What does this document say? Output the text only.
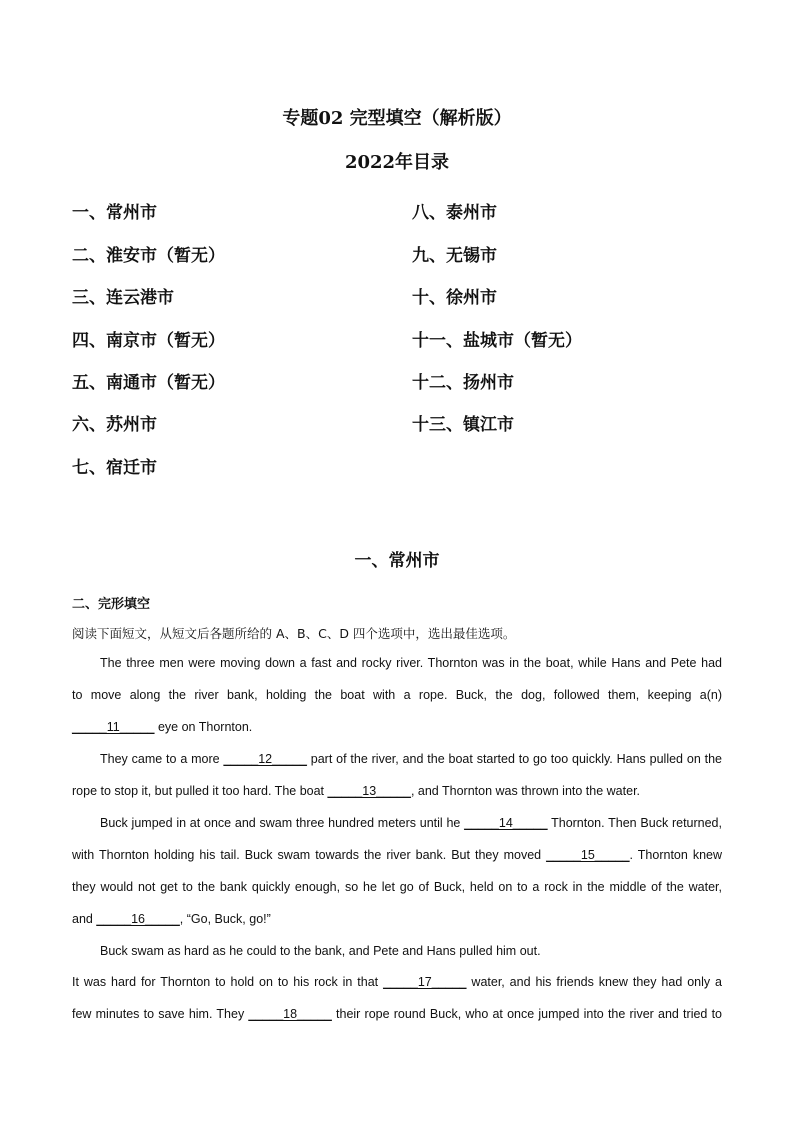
专题02 完型填空（解析版）
2022年目录
一、常州市
二、淮安市（暂无）
三、连云港市
四、南京市（暂无）
五、南通市（暂无）
六、苏州市
七、宿迁市
八、泰州市
九、无锡市
十、徐州市
十一、盐城市（暂无）
十二、扬州市
十三、镇江市
一、常州市
二、完形填空
阅读下面短文，从短文后各题所给的 A、B、C、D 四个选项中，选出最佳选项。
The three men were moving down a fast and rocky river. Thornton was in the boat, while Hans and Pete had
to move along the river bank, holding the boat with a rope. Buck, the dog, followed them, keeping a(n)
_____11_____ eye on Thornton.
They came to a more _____12_____ part of the river, and the boat started to go too quickly. Hans pulled on the
rope to stop it, but pulled it too hard. The boat _____13_____, and Thornton was thrown into the water.
Buck jumped in at once and swam three hundred meters until he _____14_____ Thornton. Then Buck returned,
with Thornton holding his tail. Buck swam towards the river bank. But they moved _____15_____. Thornton knew
they would not get to the bank quickly enough, so he let go of Buck, held on to a rock in the middle of the water,
and _____16_____, “Go, Buck, go!”
Buck swam as hard as he could to the bank, and Pete and Hans pulled him out.
It was hard for Thornton to hold on to his rock in that _____17_____ water, and his friends knew they had only a
few minutes to save him. They _____18_____ their rope round Buck, who at once jumped into the river and tried to
